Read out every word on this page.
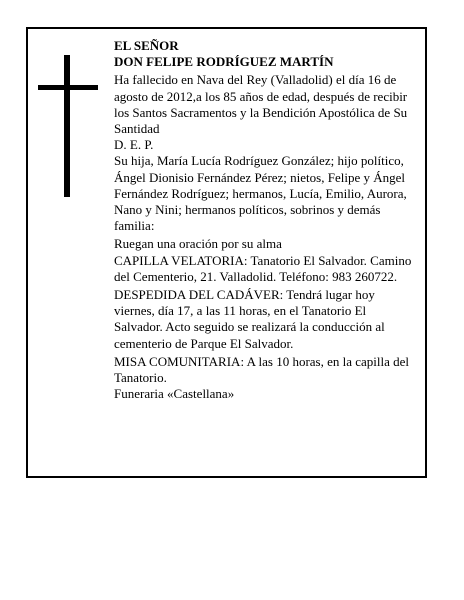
EL SEÑOR

DON FELIPE RODRÍGUEZ MARTÍN

Ha fallecido en Nava del Rey (Valladolid) el día 16 de agosto de 2012,a los 85 años de edad, después de recibir los Santos Sacramentos y la Bendición Apostólica de Su Santidad

D. E. P.

Su hija, María Lucía Rodríguez González; hijo político, Ángel Dionisio Fernández Pérez; nietos, Felipe y Ángel Fernández Rodríguez; hermanos, Lucía, Emilio, Aurora, Nano y Nini; hermanos políticos, sobrinos y demás familia:

Ruegan una oración por su alma

CAPILLA VELATORIA: Tanatorio El Salvador. Camino del Cementerio, 21. Valladolid. Teléfono: 983 260722.

DESPEDIDA DEL CADÁVER: Tendrá lugar hoy viernes, día 17, a las 11 horas, en el Tanatorio El Salvador. Acto seguido se realizará la conducción al cementerio de Parque El Salvador.

MISA COMUNITARIA: A las 10 horas, en la capilla del Tanatorio.

Funeraria «Castellana»
